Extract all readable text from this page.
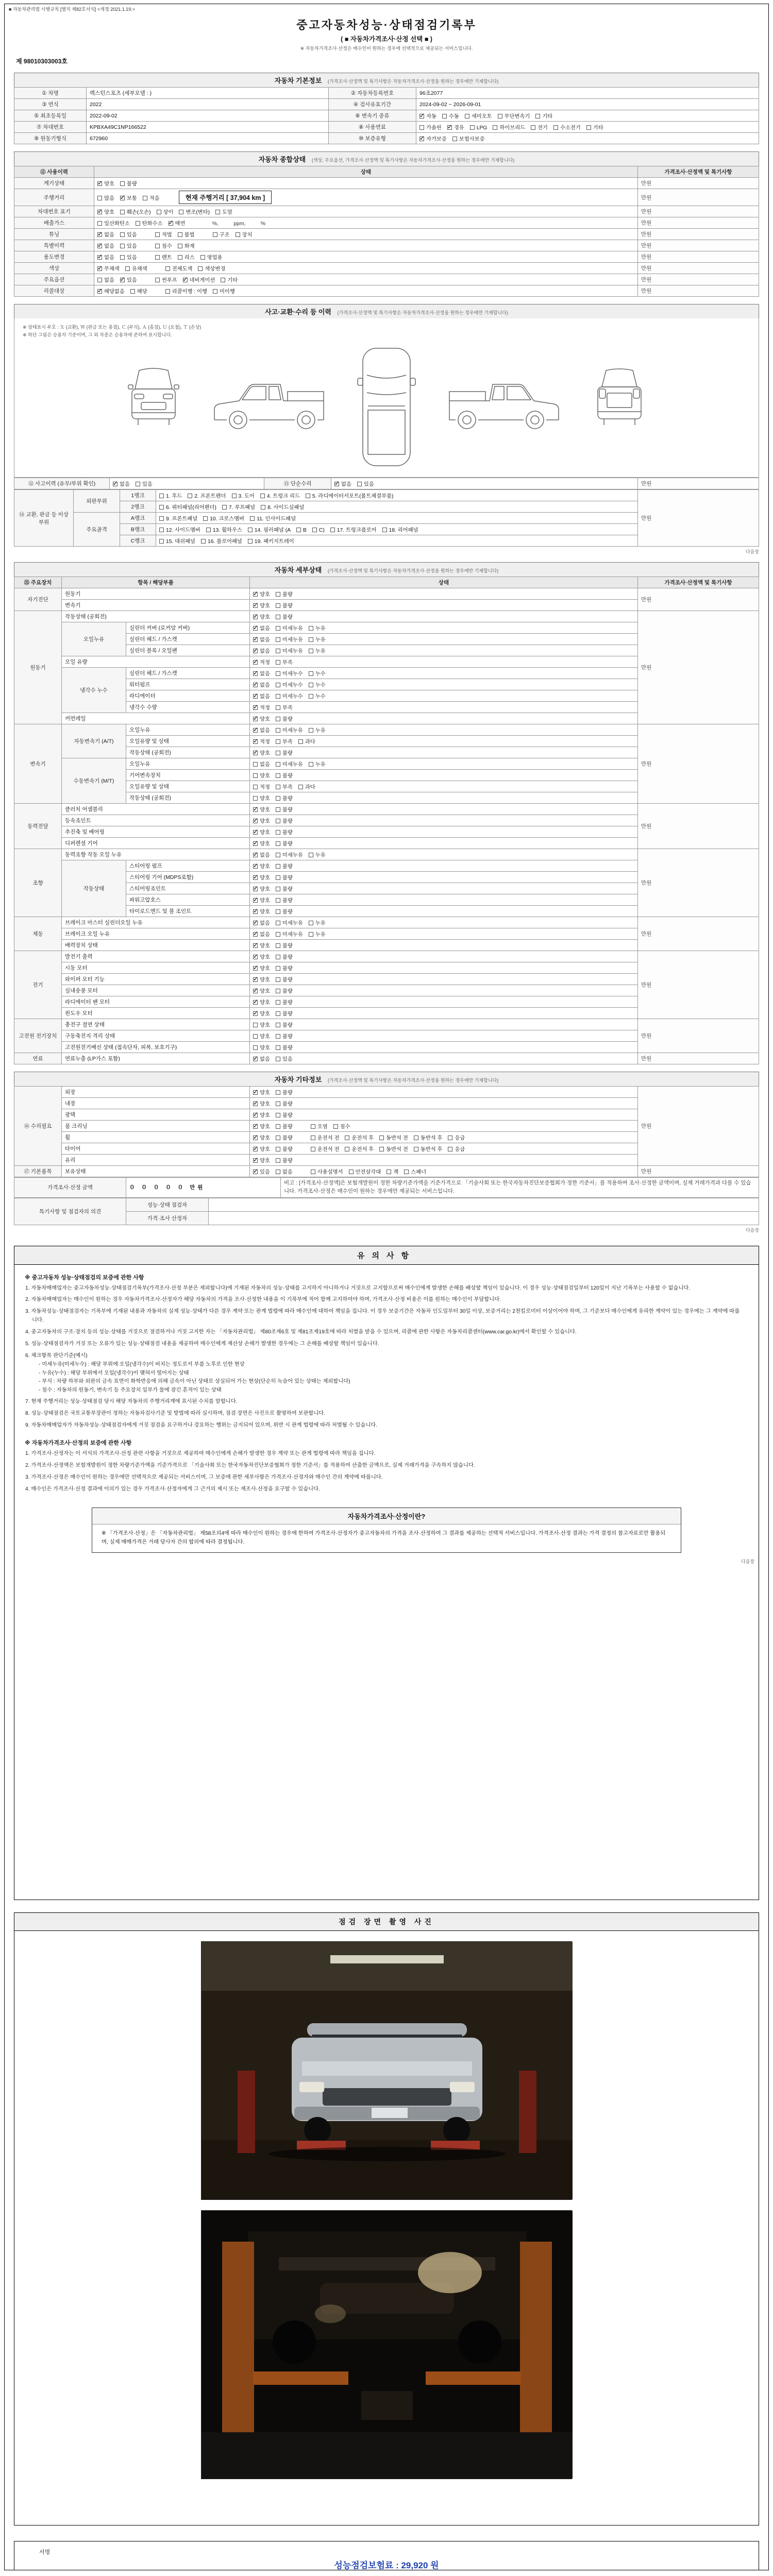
■ 자동차관리법 시행규칙 [별지 제82호서식] <개정 2021.1.19.>
중고자동차성능·상태점검기록부
( ■ 자동차가격조사·산정 선택 ■ )
※ 자동차가격조사·산정은 매수인이 원하는 경우에 선택적으로 제공되는 서비스입니다.
제 98010303003호
자동차 기본정보 (가격조사·산정액 및 특기사항은 자동차가격조사·산정을 원하는 경우에만 기재합니다)
① 차명	렉스턴스포츠 (세부모델 : )	② 자동차등록번호	96조2077
③ 연식	2022	④ 검사유효기간	2024-09-02 ~ 2026-09-01
⑤ 최초등록일	2022-09-02	⑥ 변속기 종류	✓자동 수동 세미오토 무단변속기 기타
⑦ 차대번호	KPBXA49C1NP166522	⑧ 사용연료	가솔린 ✓ 경유 LPG 하이브리드 전기 수소전기 기타
⑨ 원동기형식	672960	⑩ 보증유형	✓자가보증 보험사보증
자동차 종합상태 (색상, 주요옵션, 가격조사·산정액 및 특기사항은 자동차가격조사·산정을 원하는 경우에만 기재합니다)
⑪ 사용이력	상태	가격조사·산정액 및 특기사항
계기상태	✓양호 불량	만원
주행거리	많음 ✓ 보통 적음 현재 주행거리 [ 37,904 km ]	만원
차대번호 표기	✓양호 훼손(오손) 상이 변조(변타) 도말	만원
배출가스	일산화탄소 탄화수소 ✓ 매연 %,          ppm,          %	만원
튜닝	✓없음 있음 적법 불법 구조 장치	만원
특별이력	✓없음 있음 침수 화재	만원
용도변경	✓없음 있음 렌트 리스 영업용	만원
색상	✓무채색 유채색 전체도색 색상변경	만원
주요옵션	없음 ✓ 있음 썬루프 ✓ 네비게이션 기타	만원
리콜대상	✓해당없음 해당 리콜이행 : 이행 미이행	만원
사고·교환·수리 등 이력 (가격조사·산정액 및 특기사항은 자동차가격조사·산정을 원하는 경우에만 기재합니다)
※ 상태표시 부호 : Ｘ (교환), Ｗ (판금 또는 용접), Ｃ (부식), Ａ (흠집), Ｕ (요철), Ｔ (손상)
※ 하단 그림은 승용차 기준이며, 그 외 차종은 승용차에 준하여 표시합니다.
⑫ 사고이력 (유무/부위 확인)	✓없음 있음	⑬ 단순수리	✓없음 있음	만원
⑭ 교환, 판금 등 이상 부위	외판부위	1랭크	1. 후드 2. 프론트펜더 3. 도어 4. 트렁크 리드 5. 라디에이터서포트(볼트체결부품)	만원
		2랭크	6. 쿼터패널(리어펜더) 7. 루프패널 8. 사이드실패널	
	주요골격	A랭크	9. 프론트패널 10. 크로스멤버 11. 인사이드패널	
		B랭크	12. 사이드멤버 13. 휠하우스 14. 필러패널 (A B C) 17. 트렁크플로어 18. 리어패널	
		C랭크	15. 대쉬패널 16. 플로어패널 19. 패키지트레이	
다음장
자동차 세부상태 (가격조사·산정액 및 특기사항은 자동차가격조사·산정을 원하는 경우에만 기재합니다)
⑮ 주요장치	항목 / 해당부품		상태	가격조사·산정액 및 특기사항
자기진단	원동기	✓양호 불량	만원
	변속기	✓양호 불량
원동기	작동상태 (공회전)	✓양호 불량	만원
	오일누유	실린더 커버 (로커암 커버)	✓없음 미세누유 누유
		실린더 헤드 / 가스켓	✓없음 미세누유 누유
		실린더 블록 / 오일팬	✓없음 미세누유 누유
	오일 유량	✓적정 부족
	냉각수 누수	실린더 헤드 / 가스켓	✓없음 미세누수 누수
		워터펌프	✓없음 미세누수 누수
		라디에이터	✓없음 미세누수 누수
		냉각수 수량	✓적정 부족
	커먼레일	✓양호 불량
변속기	자동변속기 (A/T)	오일누유	✓없음 미세누유 누유	만원
		오일유량 및 상태	✓적정 부족 과다
		작동상태 (공회전)	✓양호 불량
	수동변속기 (M/T)	오일누유	없음 미세누유 누유	
		기어변속장치	양호 불량	
		오일유량 및 상태	적정 부족 과다	
		작동상태 (공회전)	양호 불량	
동력전달	클러치 어셈블리	✓양호 불량	만원
	등속조인트	✓양호 불량
	추진축 및 베어링	✓양호 불량
	디퍼렌셜 기어	✓양호 불량
조향	동력조향 작동 오일 누유	✓없음 미세누유 누유	만원
	작동상태	스티어링 펌프	✓양호 불량
		스티어링 기어 (MDPS포함)	✓양호 불량
		스티어링조인트	✓양호 불량
		파워고압호스	✓양호 불량
		타이로드엔드 및 볼 조인트	✓양호 불량
제동	브레이크 마스터 실린더오일 누유	✓없음 미세누유 누유	만원
	브레이크 오일 누유	✓없음 미세누유 누유
	배력장치 상태	✓양호 불량
전기	발전기 출력	✓양호 불량	만원
	시동 모터	✓양호 불량
	와이퍼 모터 기능	✓양호 불량
	실내송풍 모터	✓양호 불량
	라디에이터 팬 모터	✓양호 불량
	윈도우 모터	✓양호 불량
고전원 전기장치	충전구 절연 상태		양호 불량	만원
	구동축전지 격리 상태		양호 불량	
	고전원전기배선 상태 (접속단자, 피복, 보호기구)		양호 불량	
연료	연료누출 (LP가스 포함)	✓없음 있음	만원
자동차 기타정보 (가격조사·산정액 및 특기사항은 자동차가격조사·산정을 원하는 경우에만 기재합니다)
⑯ 수리필요	외장	✓양호 불량	만원
	내장	✓양호 불량
	광택	✓양호 불량
	룸 크리닝	✓양호 불량 오염 침수
	휠	✓양호 불량 운전석 전 운전석 후 동반석 전 동반석 후 응급
	타이어	✓양호 불량 운전석 전 운전석 후 동반석 전 동반석 후 응급
	유리	✓양호 불량
⑰ 기본품목	보유상태	✓있음 없음 사용설명서 안전삼각대 잭 스패너	만원
가격조사·산정 금액	０ ０ ０ ０ ０ 만원	비고 : [가격조사·산정액]은 보험개발원이 정한 차량기준가액을 기준가격으로 「기술사회 또는 한국자동차진단보증협회가 정한 기준서」를 적용하여 조사·산정한 금액이며, 실제 거래가격과 다를 수 있습니다. 가격조사·산정은 매수인이 원하는 경우에만 제공되는 서비스입니다.
특기사항 및 점검자의 의견	성능·상태 점검자	
	가격·조사 산정자	
다음장
유의사항
※ 중고자동차 성능·상태점검의 보증에 관한 사항
1. 자동차매매업자는 중고자동차성능·상태점검기록부(가격조사·산정 부분은 제외합니다)에 기재된 자동차의 성능·상태를 고지하지 아니하거나 거짓으로 고지함으로써 매수인에게 발생한 손해를 배상할 책임이 있습니다. 이 경우 성능·상태점검일부터 120일이 지난 기록부는 사용할 수 없습니다.
2. 자동차매매업자는 매수인이 원하는 경우 자동차가격조사·산정자가 해당 자동차의 가격을 조사·산정한 내용을 이 기록부에 적어 함께 고지하여야 하며, 가격조사·산정 비용은 이를 원하는 매수인이 부담합니다.
3. 자동차성능·상태점검자는 기록부에 기재된 내용과 자동차의 실제 성능·상태가 다른 경우 계약 또는 관계 법령에 따라 매수인에 대하여 책임을 집니다. 이 경우 보증기간은 자동차 인도일부터 30일 이상, 보증거리는 2천킬로미터 이상이어야 하며, 그 기준보다 매수인에게 유리한 계약이 있는 경우에는 그 계약에 따릅니다.
4. 중고자동차의 구조·장치 등의 성능·상태를 거짓으로 점검하거나 거짓 고지한 자는 「자동차관리법」 제80조제6호 및 제81조제19호에 따라 처벌을 받을 수 있으며, 리콜에 관한 사항은 자동차리콜센터(www.car.go.kr)에서 확인할 수 있습니다.
5. 성능·상태점검자가 거짓 또는 오류가 있는 성능·상태점검 내용을 제공하여 매수인에게 재산상 손해가 발생한 경우에는 그 손해를 배상할 책임이 있습니다.
6. 체크항목 판단기준(예시)
- 미세누유(미세누수) : 해당 부위에 오일(냉각수)이 비치는 정도로서 부품 노후로 인한 현상
- 누유(누수) : 해당 부위에서 오일(냉각수)이 맺혀서 떨어지는 상태
- 부식 : 차량 하부와 외판의 금속 표면이 화학반응에 의해 금속이 아닌 상태로 상실되어 가는 현상(단순히 녹슬어 있는 상태는 제외합니다)
- 침수 : 자동차의 원동기, 변속기 등 주요장치 일부가 물에 잠긴 흔적이 있는 상태
7. 현재 주행거리는 성능·상태점검 당시 해당 자동차의 주행거리계에 표시된 수치를 말합니다.
8. 성능·상태점검은 국토교통부장관이 정하는 자동차검사기준 및 방법에 따라 실시하며, 점검 장면은 사진으로 촬영하여 보관합니다.
9. 자동차매매업자가 자동차성능·상태점검자에게 거짓 점검을 요구하거나 강요하는 행위는 금지되어 있으며, 위반 시 관계 법령에 따라 처벌될 수 있습니다.
※ 자동차가격조사·산정의 보증에 관한 사항
1. 가격조사·산정자는 이 서식의 가격조사·산정 관련 사항을 거짓으로 제공하여 매수인에게 손해가 발생한 경우 계약 또는 관계 법령에 따라 책임을 집니다.
2. 가격조사·산정액은 보험개발원이 정한 차량기준가액을 기준가격으로 「기술사회 또는 한국자동차진단보증협회가 정한 기준서」를 적용하여 산출한 금액으로, 실제 거래가격을 구속하지 않습니다.
3. 가격조사·산정은 매수인이 원하는 경우에만 선택적으로 제공되는 서비스이며, 그 보증에 관한 세부사항은 가격조사·산정자와 매수인 간의 계약에 따릅니다.
4. 매수인은 가격조사·산정 결과에 이의가 있는 경우 가격조사·산정자에게 그 근거의 제시 또는 재조사·산정을 요구할 수 있습니다.
자동차가격조사·산정이란?
※ 「가격조사·산정」은 「자동차관리법」 제58조의4에 따라 매수인이 원하는 경우에 한하여 가격조사·산정자가 중고자동차의 가격을 조사·산정하여 그 결과를 제공하는 선택적 서비스입니다. 가격조사·산정 결과는 가격 결정의 참고자료로만 활용되며, 실제 매매가격은 거래 당사자 간의 합의에 따라 결정됩니다.
다음장
점검 장면 촬영 사진
서명
성능점검보험료 : 29,920 원
